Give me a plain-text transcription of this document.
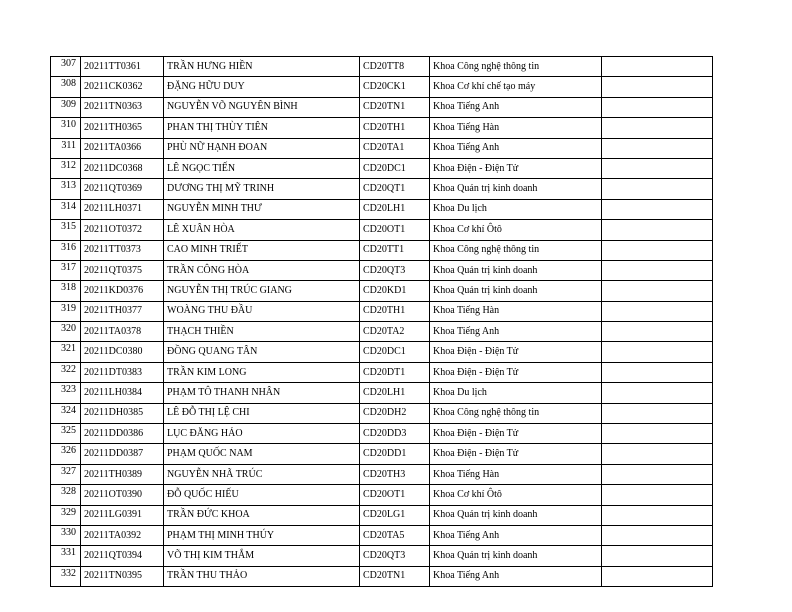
307	20211TT0361	TRẦN HƯNG HIỀN	CD20TT8	Khoa Công nghệ thông tin	
308	20211CK0362	ĐẶNG HỮU DUY	CD20CK1	Khoa Cơ khí chế tạo máy	
309	20211TN0363	NGUYỄN VÕ NGUYÊN BÌNH	CD20TN1	Khoa Tiếng Anh	
310	20211TH0365	PHAN THỊ THÙY TIÊN	CD20TH1	Khoa Tiếng Hàn	
311	20211TA0366	PHÙ NỮ HẠNH ĐOAN	CD20TA1	Khoa Tiếng Anh	
312	20211DC0368	LÊ NGỌC TIẾN	CD20DC1	Khoa Điện - Điện Tử	
313	20211QT0369	DƯƠNG THỊ MỸ TRINH	CD20QT1	Khoa Quản trị kinh doanh	
314	20211LH0371	NGUYỄN MINH THƯ	CD20LH1	Khoa Du lịch	
315	20211OT0372	LÊ XUÂN HÒA	CD20OT1	Khoa Cơ khí Ôtô	
316	20211TT0373	CAO MINH TRIẾT	CD20TT1	Khoa Công nghệ thông tin	
317	20211QT0375	TRẦN CÔNG HÒA	CD20QT3	Khoa Quản trị kinh doanh	
318	20211KD0376	NGUYỄN THỊ TRÚC GIANG	CD20KD1	Khoa Quản trị kinh doanh	
319	20211TH0377	WOÀNG THU ĐẦU	CD20TH1	Khoa Tiếng Hàn	
320	20211TA0378	THẠCH THIỀN	CD20TA2	Khoa Tiếng Anh	
321	20211DC0380	ĐỒNG QUANG TÂN	CD20DC1	Khoa Điện - Điện Tử	
322	20211DT0383	TRẦN KIM LONG	CD20DT1	Khoa Điện - Điện Tử	
323	20211LH0384	PHẠM TÔ THANH NHÂN	CD20LH1	Khoa Du lịch	
324	20211DH0385	LÊ ĐỖ THỊ LỆ CHI	CD20DH2	Khoa Công nghệ thông tin	
325	20211DD0386	LỤC ĐĂNG HẢO	CD20DD3	Khoa Điện - Điện Tử	
326	20211DD0387	PHẠM QUỐC NAM	CD20DD1	Khoa Điện - Điện Tử	
327	20211TH0389	NGUYỄN NHÃ TRÚC	CD20TH3	Khoa Tiếng Hàn	
328	20211OT0390	ĐỖ QUỐC HIẾU	CD20OT1	Khoa Cơ khí Ôtô	
329	20211LG0391	TRẦN ĐỨC KHOA	CD20LG1	Khoa Quản trị kinh doanh	
330	20211TA0392	PHẠM THỊ MINH THÚY	CD20TA5	Khoa Tiếng Anh	
331	20211QT0394	VÕ THỊ KIM THẮM	CD20QT3	Khoa Quản trị kinh doanh	
332	20211TN0395	TRẦN THU THẢO	CD20TN1	Khoa Tiếng Anh	
